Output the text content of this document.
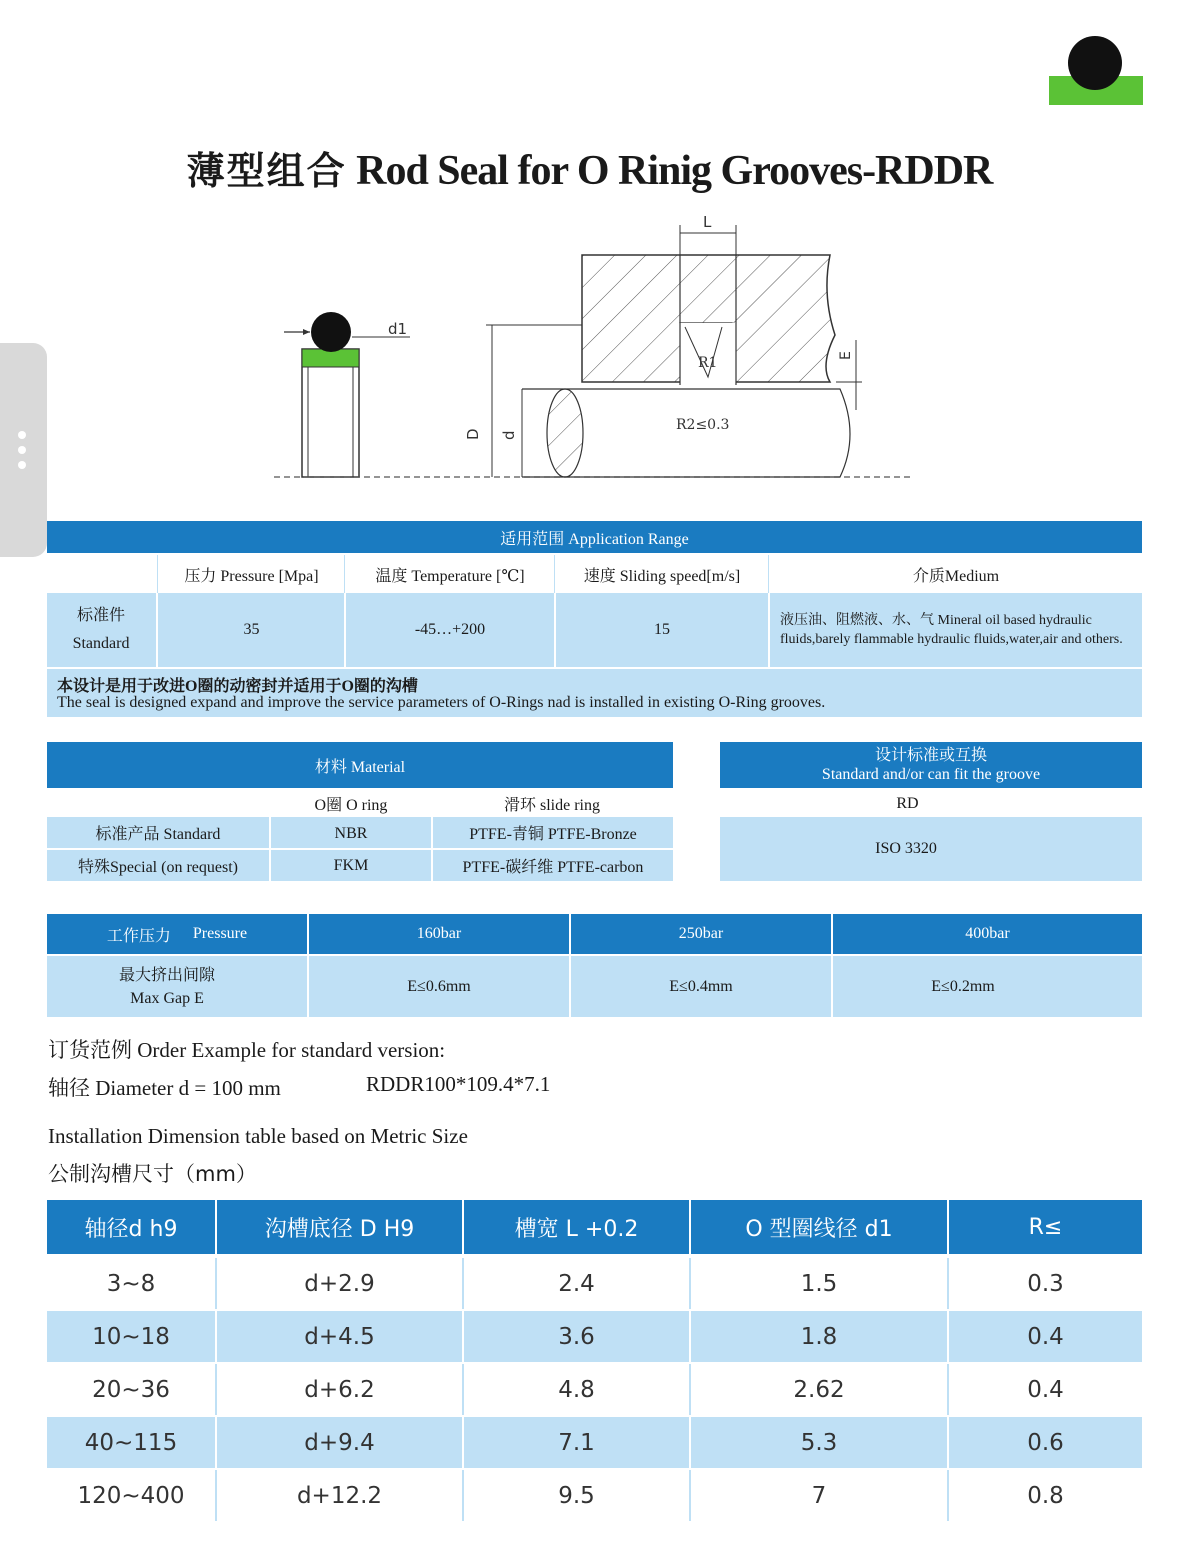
薄型组合 Rod Seal for O Rinig Grooves-RDDR
d1
L
D d
E
R1
R2≤0.3
适用范围 Application Range
压力 Pressure [Mpa]	温度 Temperature [℃]	速度 Sliding speed[m/s]	介质Medium
标准件
Standard
35	-45…+200	15
液压油、阻燃液、水、气 Mineral oil based hydraulic fluids,barely flammable hydraulic fluids,water,air and others.
本设计是用于改进O圈的动密封并适用于O圈的沟槽
The seal is designed expand and improve the service parameters of O-Rings nad is installed in existing O-Ring grooves.
材料 Material
O圈 O ring	滑环 slide ring
标准产品 Standard	NBR	PTFE-青铜 PTFE-Bronze
特殊Special (on request)	FKM	PTFE-碳纤维 PTFE-carbon
设计标准或互换
Standard and/or can fit the groove
RD
ISO 3320
工作压力 Pressure	160bar	250bar	400bar
最大挤出间隙
Max Gap E
E≤0.6mm	E≤0.4mm	E≤0.2mm
订货范例 Order Example for standard version:
轴径 Diameter d = 100 mm	RDDR100*109.4*7.1
Installation Dimension table based on Metric Size
公制沟槽尺寸（mm）
轴径d h9	沟槽底径 D H9	槽宽 L +0.2	O 型圈线径 d1	R≤
3~8	d+2.9	2.4	1.5	0.3
10~18	d+4.5	3.6	1.8	0.4
20~36	d+6.2	4.8	2.62	0.4
40~115	d+9.4	7.1	5.3	0.6
120~400	d+12.2	9.5	7	0.8
